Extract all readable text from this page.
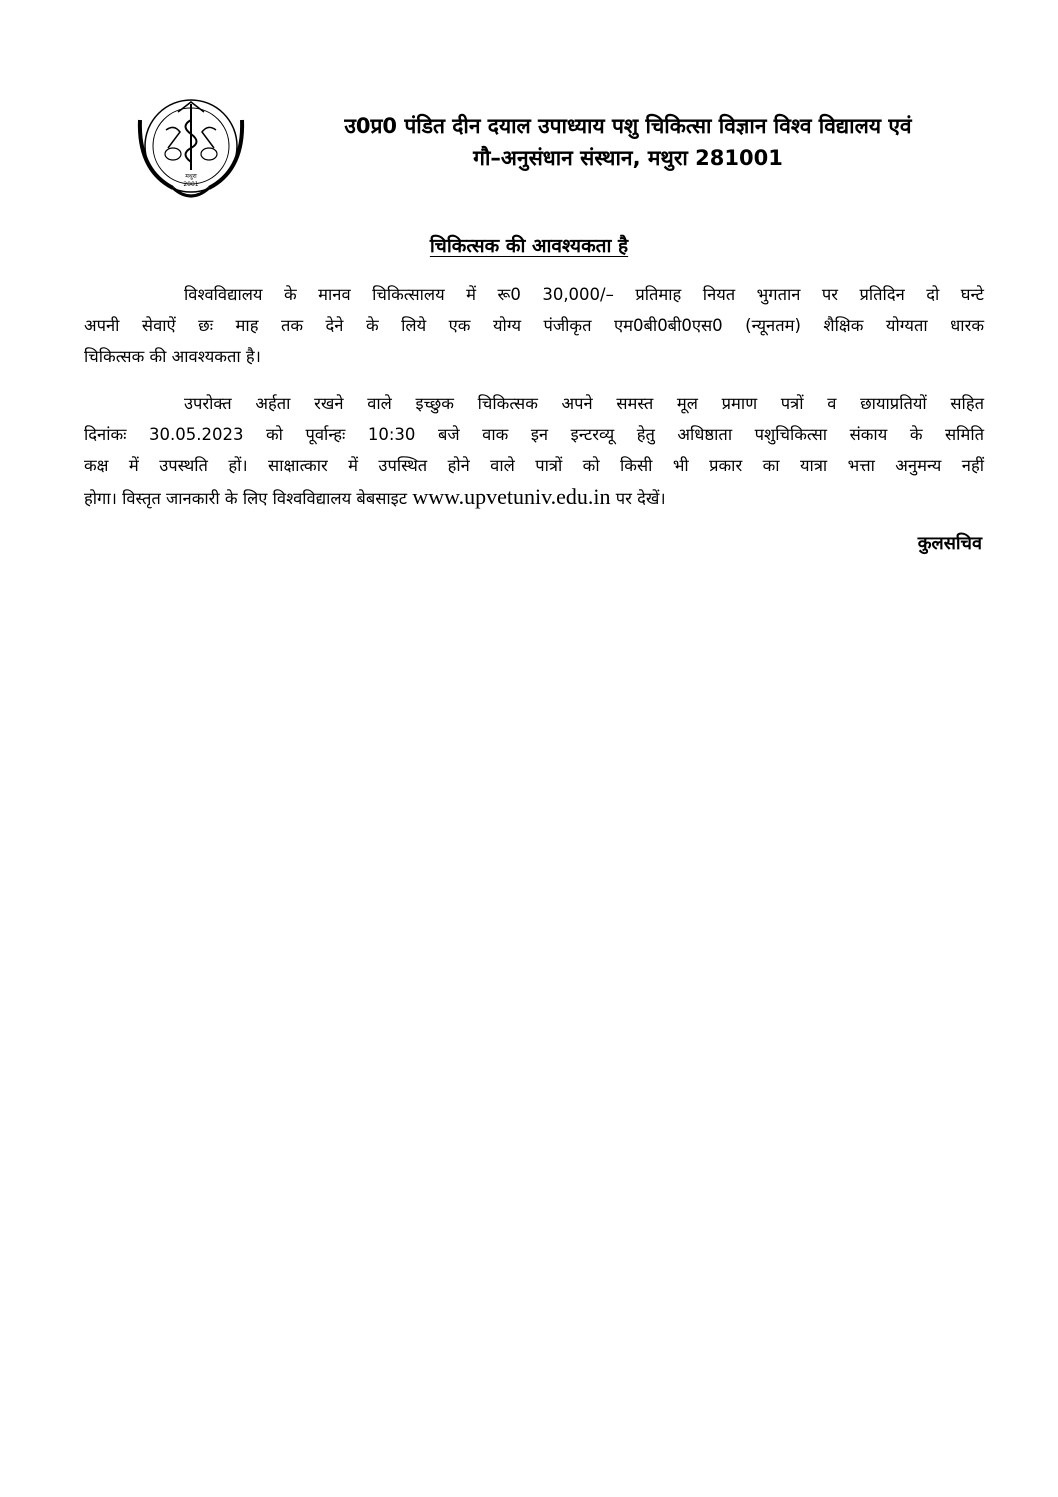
मथुरा
2001
उ0प्र0 पंडित दीन दयाल उपाध्याय पशु चिकित्सा विज्ञान विश्व विद्यालय एवं
गौ–अनुसंधान संस्थान, मथुरा 281001
चिकित्सक की आवश्यकता है
विश्वविद्यालय के मानव चिकित्सालय में रू0 30,000/– प्रतिमाह नियत भुगतान पर प्रतिदिन दो घन्टे
अपनी सेवाऐं छः माह तक देने के लिये एक योग्य पंजीकृत एम0बी0बी0एस0 (न्यूनतम) शैक्षिक योग्यता धारक
चिकित्सक की आवश्यकता है।
उपरोक्त अर्हता रखने वाले इच्छुक चिकित्सक अपने समस्त मूल प्रमाण पत्रों व छायाप्रतियों सहित
दिनांकः 30.05.2023 को पूर्वान्हः 10:30 बजे वाक इन इन्टरव्यू हेतु अधिष्ठाता पशुचिकित्सा संकाय के समिति
कक्ष में उपस्थति हों। साक्षात्कार में उपस्थित होने वाले पात्रों को किसी भी प्रकार का यात्रा भत्ता अनुमन्य नहीं
होगा। विस्तृत जानकारी के लिए विश्वविद्यालय बेबसाइट www.upvetuniv.edu.in पर देखें।
कुलसचिव
